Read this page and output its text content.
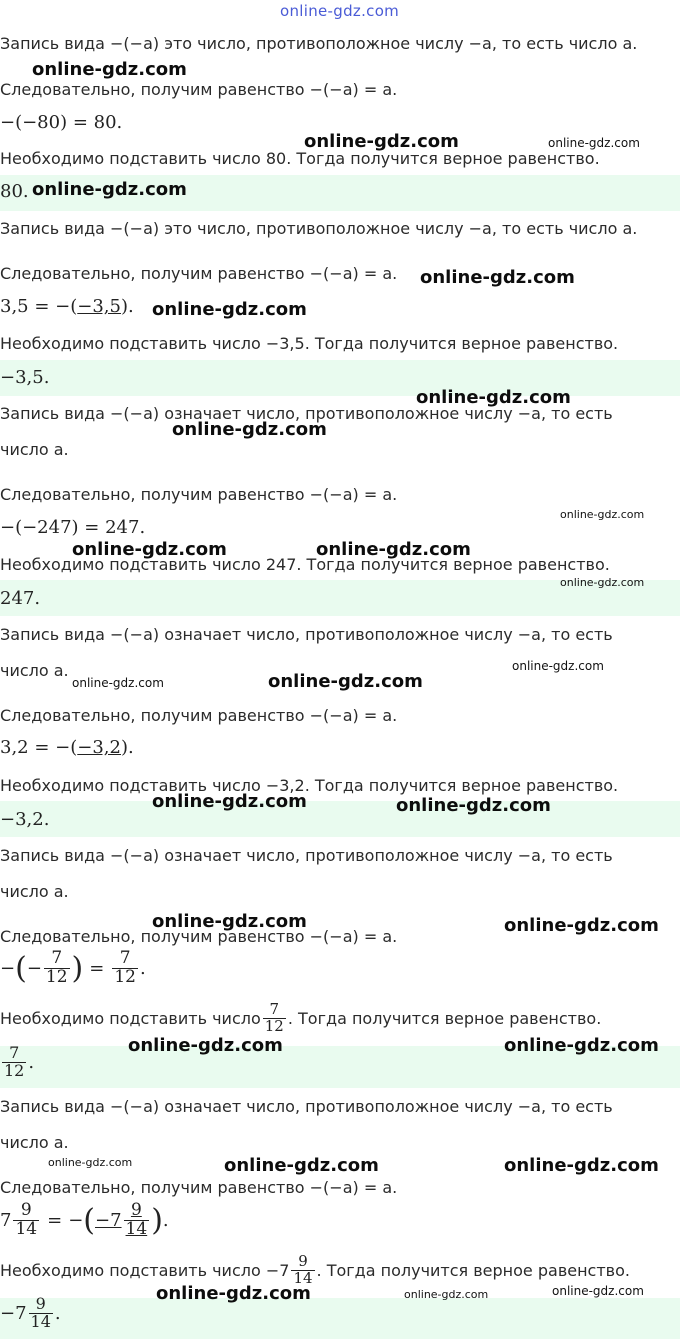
Запись вида −(−a) это число, противоположное числу −a, то есть число a.
Следовательно, получим равенство −(−a) = a.
−(−80) = 80.
Необходимо подставить число 80. Тогда получится верное равенство.
80.
Запись вида −(−a) это число, противоположное числу −a, то есть число a.
Следовательно, получим равенство −(−a) = a.
3,5 = −(−3,5).
Необходимо подставить число −3,5. Тогда получится верное равенство.
−3,5.
Запись вида −(−a) означает число, противоположное числу −a, то есть
число a.
Следовательно, получим равенство −(−a) = a.
−(−247) = 247.
Необходимо подставить число 247. Тогда получится верное равенство.
247.
Запись вида −(−a) означает число, противоположное числу −a, то есть
число a.
Следовательно, получим равенство −(−a) = a.
3,2 = −(−3,2).
Необходимо подставить число −3,2. Тогда получится верное равенство.
−3,2.
Запись вида −(−a) означает число, противоположное числу −a, то есть
число a.
Следовательно, получим равенство −(−a) = a.
− ( − $\frac{7}{12}$ ) = $\frac{7}{12}$ .
Необходимо подставить число $\frac{7}{12}$ . Тогда получится верное равенство.
$\frac{7}{12}$ .
Запись вида −(−a) означает число, противоположное числу −a, то есть
число a.
Следовательно, получим равенство −(−a) = a.
$7 \frac{9}{14}$ = − ( $-7 \frac{9}{14}$ ) .
Необходимо подставить число $-7 \frac{9}{14}$ . Тогда получится верное равенство.
$-7 \frac{9}{14}$ .
online-gdz.com
online-gdz.com
online-gdz.com	online-gdz.com
online-gdz.com
online-gdz.com
online-gdz.com
online-gdz.com
online-gdz.com
online-gdz.com
online-gdz.com	online-gdz.com
online-gdz.com
online-gdz.com
online-gdz.com	online-gdz.com
online-gdz.com	online-gdz.com
online-gdz.com	online-gdz.com
online-gdz.com	online-gdz.com
online-gdz.com	online-gdz.com	online-gdz.com
online-gdz.com	online-gdz.com	online-gdz.com
